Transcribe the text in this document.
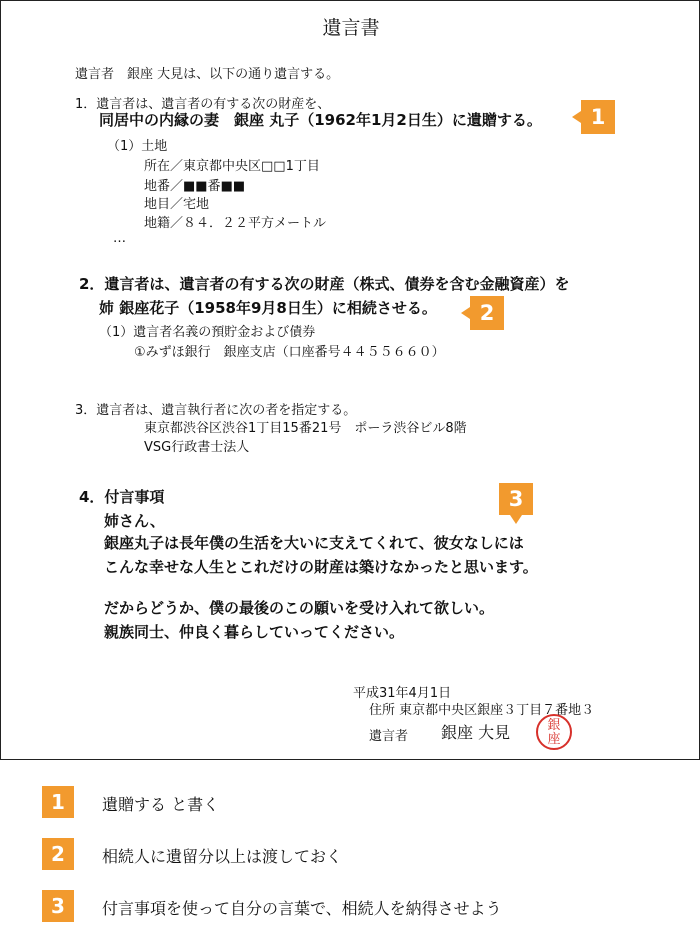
遺言書
遺言者　銀座 大見は、以下の通り遺言する。
1．遺言者は、遺言者の有する次の財産を、
同居中の内縁の妻　銀座 丸子（1962年1月2日生）に遺贈する。	1
（1）土地
所在／東京都中央区□□1丁目
地番／■■番■■
地目／宅地
地籍／８４．２２平方メートル
…
2．遺言者は、遺言者の有する次の財産（株式、債券を含む金融資産）を
姉 銀座花子（1958年9月8日生）に相続させる。	2
（1）遺言者名義の預貯金および債券
①みずほ銀行　銀座支店（口座番号４４５５６６０）
3．遺言者は、遺言執行者に次の者を指定する。
東京都渋谷区渋谷1丁目15番21号　ポーラ渋谷ビル8階
VSG行政書士法人
4．付言事項	3
姉さん、
銀座丸子は長年僕の生活を大いに支えてくれて、彼女なしには
こんな幸せな人生とこれだけの財産は築けなかったと思います。
だからどうか、僕の最後のこの願いを受け入れて欲しい。
親族同士、仲良く暮らしていってください。
平成31年4月1日
住所 東京都中央区銀座３丁目７番地３
遺言者 銀座 大見	銀
座
1	遺贈する と書く
2	相続人に遺留分以上は渡しておく
3	付言事項を使って自分の言葉で、相続人を納得させよう
